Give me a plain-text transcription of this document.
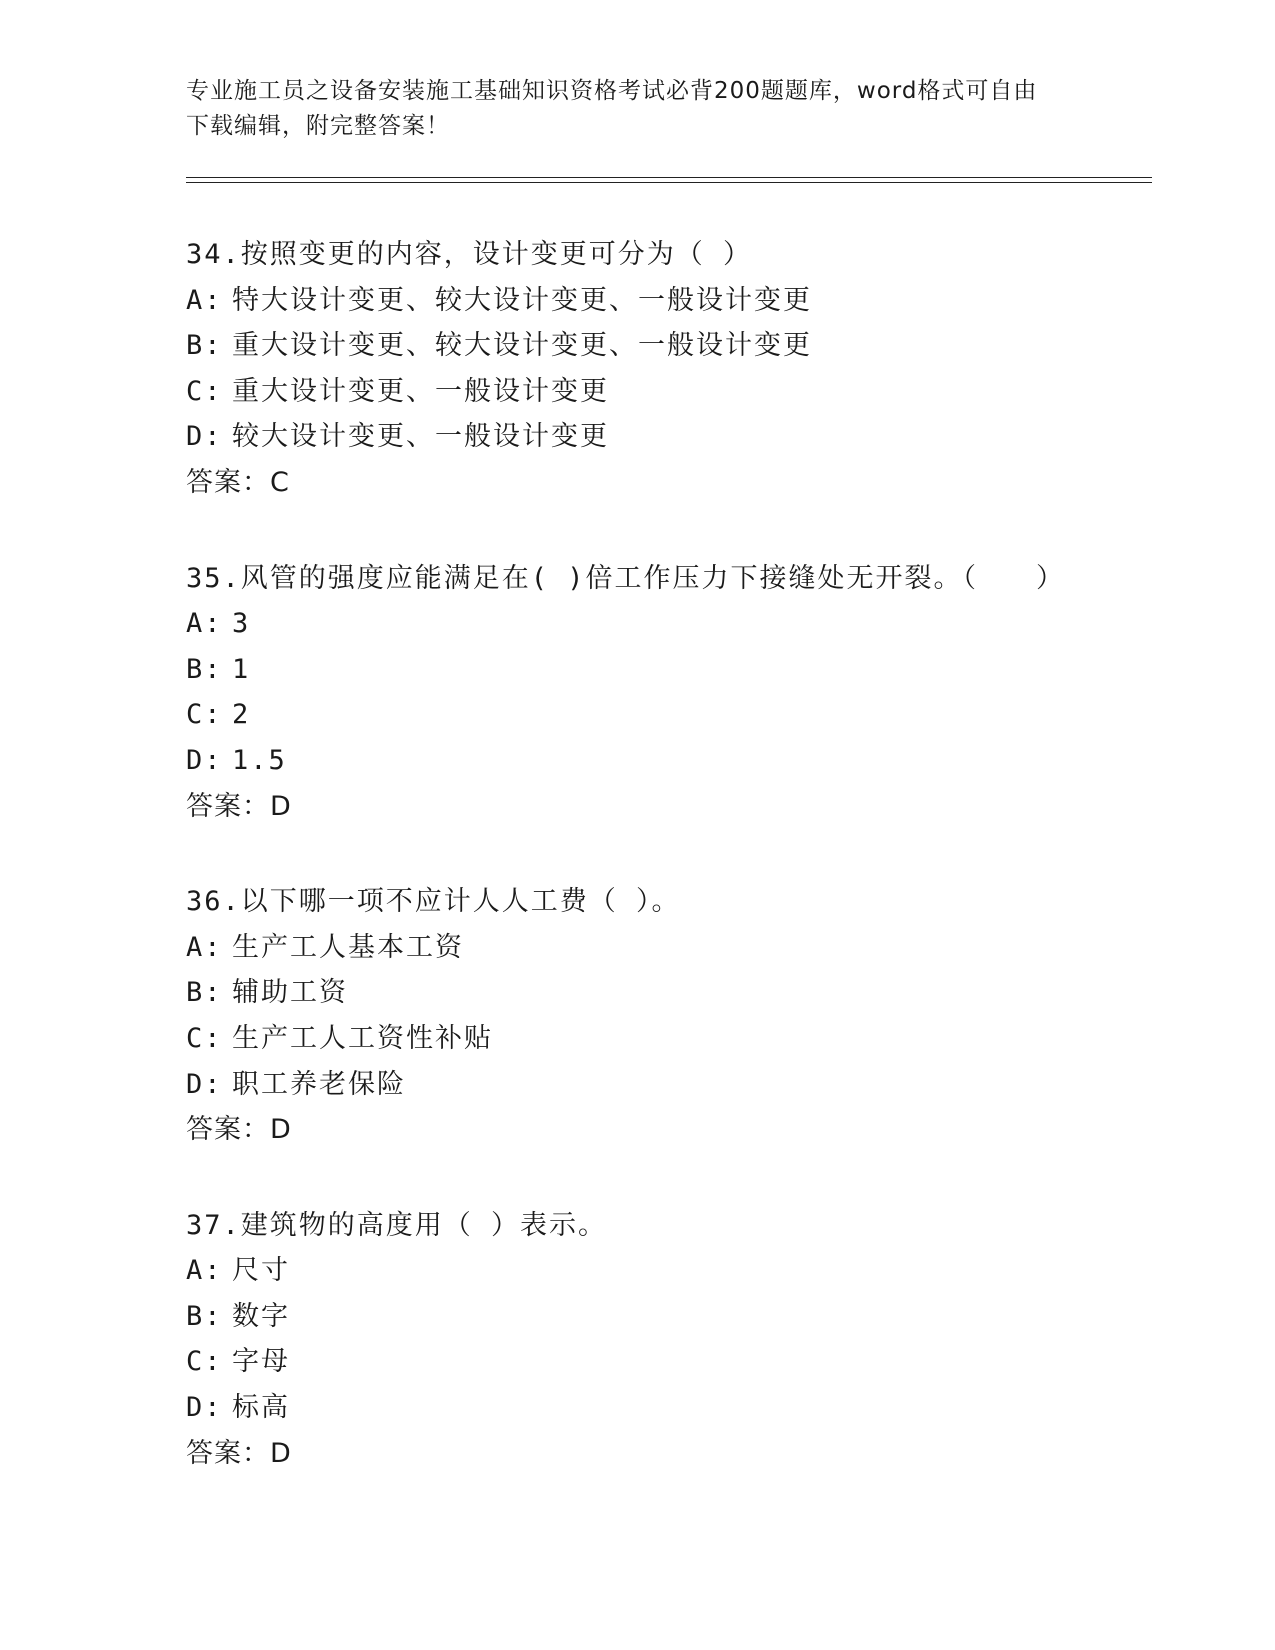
专业施工员之设备安装施工基础知识资格考试必背200题题库，word格式可自由
下载编辑，附完整答案！
34.按照变更的内容，设计变更可分为（ ）
A: 特大设计变更、较大设计变更、一般设计变更
B: 重大设计变更、较大设计变更、一般设计变更
C: 重大设计变更、一般设计变更
D: 较大设计变更、一般设计变更
答案：C
35.风管的强度应能满足在( )倍工作压力下接缝处无开裂。（　　）
A: 3
B: 1
C: 2
D: 1.5
答案：D
36.以下哪一项不应计人人工费（ ）。
A: 生产工人基本工资
B: 辅助工资
C: 生产工人工资性补贴
D: 职工养老保险
答案：D
37.建筑物的高度用（ ）表示。
A: 尺寸
B: 数字
C: 字母
D: 标高
答案：D
